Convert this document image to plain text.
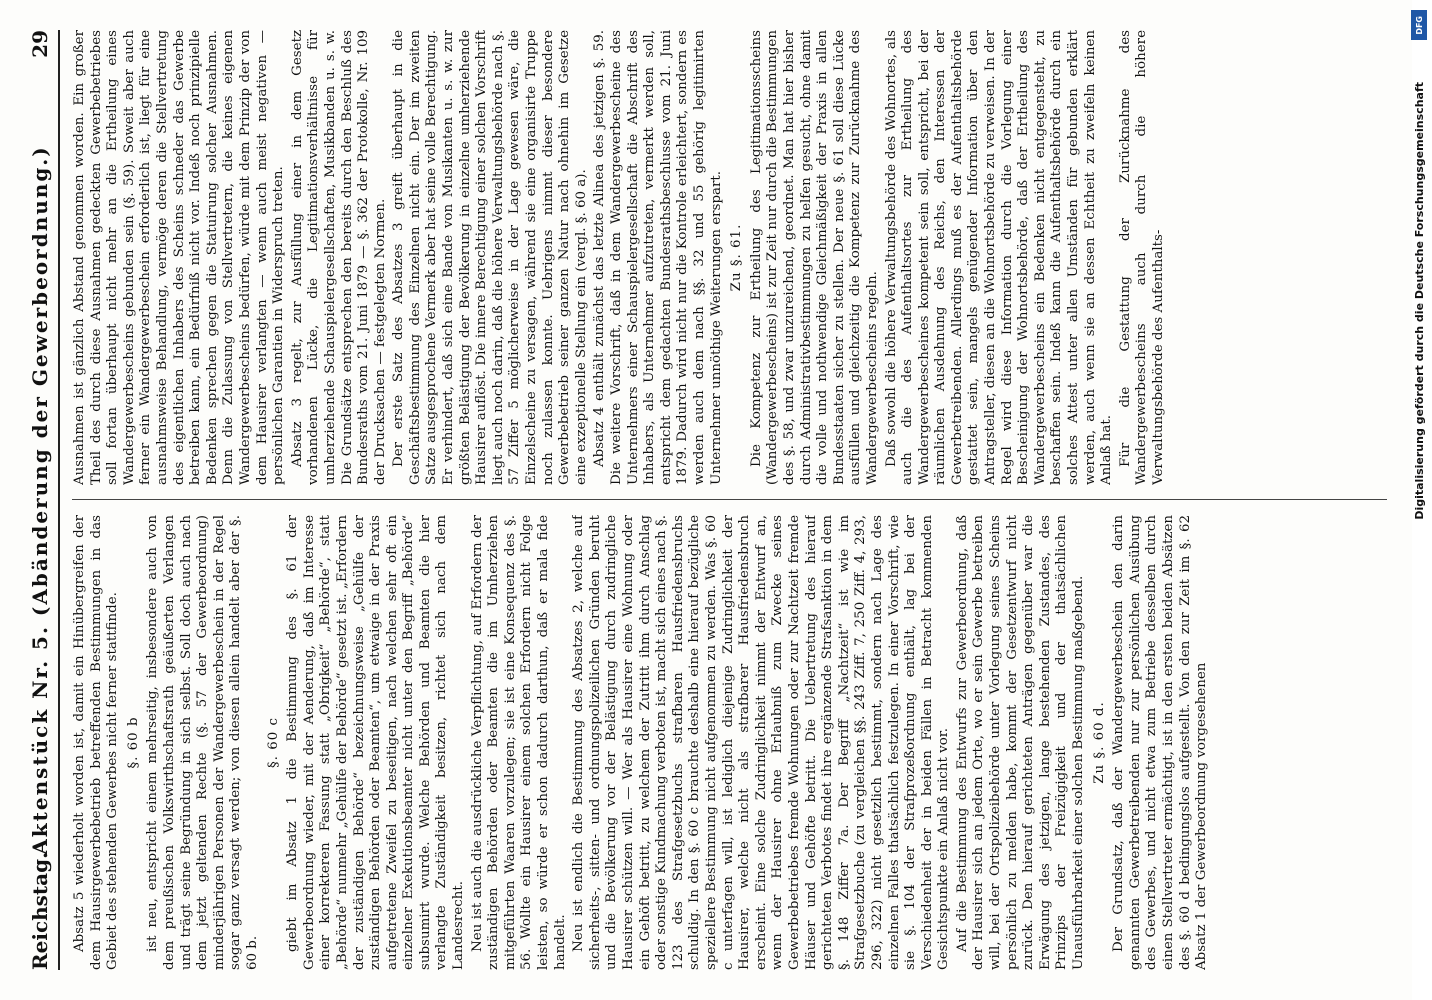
Reichstag.
Aktenstück Nr. 5. (Abänderung der Gewerbeordnung.)
29

Absatz 5 wiederholt worden ist, damit ein Hinübergreifen der dem Hausirgewerbebetrieb betreffenden Bestimmungen in das Gebiet des stehenden Gewerbes nicht ferner stattfinde. §. 60 b ist neu, entspricht einem mehrseitig, insbesondere auch von dem preußischen Volkswirthschaftsrath geäußerten Verlangen und trägt seine Begründung in sich selbst. Soll doch auch nach dem jetzt geltenden Rechte (§. 57 der Gewerbeordnung) minderjährigen Personen der Wandergewerbeschein in der Regel sogar ganz versagt werden; von diesen allein handelt aber der §. 60 b.

§. 60 c giebt im Absatz 1 die Bestimmung des §. 61 der Gewerbeordnung wieder, mit der Aenderung, daß im Interesse einer korrekteren Fassung statt „Obrigkeit“ „Behörde“, statt „Behörde“ nunmehr „Gehülfe der Behörde“ gesetzt ist. „Erfordern der zuständigen Behörde“ bezeichnungsweise „Gehülfe der zuständigen Behörden oder Beamten“, um etwaige in der Praxis aufgetretene Zweifel zu beseitigen, nach welchen sehr oft ein einzelner Exekutionsbeamter nicht unter den Begriff „Behörde“ subsumirt wurde. Welche Behörden und Beamten die hier verlangte Zuständigkeit besitzen, richtet sich nach dem Landesrecht. Neu ist auch die ausdrückliche Verpflichtung, auf Erfordern der zuständigen Behörden oder Beamten die im Umherziehen mitgeführten Waaren vorzulegen; sie ist eine Konsequenz des §. 56. Wollte ein Hausirer einem solchen Erfordern nicht Folge leisten, so würde er schon dadurch darthun, daß er mala fide handelt. Neu ist endlich die Bestimmung des Absatzes 2, welche auf sicherheits-, sitten- und ordnungspolizeilichen Gründen beruht und die Bevölkerung vor der Belästigung durch zudringliche Hausirer schützen will. — Wer als Hausirer eine Wohnung oder ein Gehöft betritt, zu welchem der Zutritt ihm durch Anschlag oder sonstige Kundmachung verboten ist, macht sich eines nach §. 123 des Strafgesetzbuchs strafbaren Hausfriedensbruchs schuldig. In den §. 60 c brauchte deshalb eine hierauf bezügliche speziellere Bestimmung nicht aufgenommen zu werden. Was §. 60 c unterfagen will, ist lediglich diejenige Zudringlichkeit der Hausirer, welche nicht als strafbarer Hausfriedensbruch erscheint. Eine solche Zudringlichkeit nimmt der Entwurf an, wenn der Hausirer ohne Erlaubniß zum Zwecke seines Gewerbebetriebes fremde Wohnungen oder zur Nachtzeit fremde Häuser und Gehöfte betritt. Die Uebertretung des hierauf gerichteten Verbotes findet ihre ergänzende Strafsanktion in dem §. 148 Ziffer 7a. Der Begriff „Nachtzeit“ ist wie im Strafgesetzbuche (zu vergleichen §§. 243 Ziff. 7, 250 Ziff. 4, 293, 296, 322) nicht gesetzlich bestimmt, sondern nach Lage des einzelnen Falles thatsächlich festzulegen. In einer Vorschrift, wie sie §. 104 der Strafprozeßordnung enthält, lag bei der Verschiedenheit der in beiden Fällen in Betracht kommenden Gesichtspunkte ein Anlaß nicht vor. Auf die Bestimmung des Entwurfs zur Gewerbeordnung, daß der Hausirer sich an jedem Orte, wo er sein Gewerbe betreiben will, bei der Ortspolizeibehörde unter Vorlegung seines Scheins persönlich zu melden habe, kommt der Gesetzentwurf nicht zurück. Den hierauf gerichteten Anträgen gegenüber war die Erwägung des jetzigen, lange bestehenden Zustandes, des Prinzips der Freizügigkeit und der thatsächlichen Unausführbarkeit einer solchen Bestimmung maßgebend. Zu §. 60 d. Der Grundsatz, daß der Wandergewerbeschein den darin genannten Gewerbetreibenden nur zur persönlichen Ausübung des Gewerbes, und nicht etwa zum Betriebe desselben durch einen Stellvertreter ermächtigt, ist in den ersten beiden Absätzen des §. 60 d bedingungslos aufgestellt. Von den zur Zeit im §. 62 Absatz 1 der Gewerbeordnung vorgesehenen

Ausnahmen ist gänzlich Abstand genommen worden. Ein großer Theil des durch diese Ausnahmen gedeckten Gewerbebetriebes soll fortan überhaupt nicht mehr an die Ertheilung eines Wandergewerbescheins gebunden sein (§. 59). Soweit aber auch ferner ein Wandergewerbeschein erforderlich ist, liegt für eine ausnahmsweise Behandlung, vermöge deren die Stellvertretung des eigentlichen Inhabers des Scheins schneder das Gewerbe betreiben kann, ein Bedürfniß nicht vor. Indeß noch prinzipielle Bedenken sprechen gegen die Statuirung solcher Ausnahmen. Denn die Zulassung von Stellvertretern, die keines eigenen Wandergewerbescheins bedürfen, würde mit dem Prinzip der von dem Hausirer verlangten — wenn auch meist negativen — persönlichen Garantien in Widerspruch treten. Absatz 3 regelt, zur Ausfüllung einer in dem Gesetz vorhandenen Lücke, die Legitimationsverhältnisse für umherziehende Schauspielergesellschaften, Musikbanden u. s. w. Die Grundsätze entsprechen den bereits durch den Beschluß des Bundesraths vom 21. Juni 1879 — §. 362 der Protokolle, Nr. 109 der Drucksachen — festgelegten Normen. Der erste Satz des Absatzes 3 greift überhaupt in die Geschäftsbestimmung des Einzelnen nicht ein. Der im zweiten Satze ausgesprochene Vermerk aber hat seine volle Berechtigung. Er verhindert, daß sich eine Bande von Musikanten u. s. w. zur größten Belästigung der Bevölkerung in einzelne umherziehende Hausirer auflöst. Die innere Berechtigung einer solchen Vorschrift liegt auch noch darin, daß die höhere Verwaltungsbehörde nach §. 57 Ziffer 5 möglicherweise in der Lage gewesen wäre, die Einzelscheine zu versagen, während sie eine organisirte Truppe noch zulassen konnte. Uebrigens nimmt dieser besondere Gewerbebetrieb seiner ganzen Natur nach ohnehin im Gesetze eine exzeptionelle Stellung ein (vergl. §. 60 a). Absatz 4 enthält zunächst das letzte Alinea des jetzigen §. 59. Die weitere Vorschrift, daß in dem Wandergewerbescheine des Unternehmers einer Schauspielergesellschaft die Abschrift des Inhabers, als Unternehmer aufzutreten, vermerkt werden soll, entspricht dem gedachten Bundesrathsbeschlusse vom 21. Juni 1879. Dadurch wird nicht nur die Kontrole erleichtert, sondern es werden auch dem nach §§. 32 und 55 gehörig legitimirten Unternehmer unnöthige Weiterungen erspart. Zu §. 61. Die Kompetenz zur Ertheilung des Legitimationsscheins (Wandergewerbescheins) ist zur Zeit nur durch die Bestimmungen des §. 58, und zwar unzureichend, geordnet. Man hat hier bisher durch Administrativbestimmungen zu helfen gesucht, ohne damit die volle und nothwendige Gleichmäßigkeit der Praxis in allen Bundesstaaten sicher zu stellen. Der neue §. 61 soll diese Lücke ausfüllen und gleichzeitig die Kompetenz zur Zurücknahme des Wandergewerbescheins regeln. Daß sowohl die höhere Verwaltungsbehörde des Wohnortes, als auch die des Aufenthaltsortes zur Ertheilung des Wandergewerbescheines kompetent sein soll, entspricht, bei der räumlichen Ausdehnung des Reichs, den Interessen der Gewerbetreibenden. Allerdings muß es der Aufenthaltsbehörde gestattet sein, mangels genügender Information über den Antragsteller, diesen an die Wohnortsbehörde zu verweisen. In der Regel wird diese Information durch die Vorlegung einer Bescheinigung der Wohnortsbehörde, daß der Ertheilung des Wandergewerbescheins ein Bedenken nicht entgegensteht, zu beschaffen sein. Indeß kann die Aufenthaltsbehörde durch ein solches Attest unter allen Umständen für gebunden erklärt werden, auch wenn sie an dessen Echtheit zu zweifeln keinen Anlaß hat. Für die Gestattung der Zurücknahme des Wandergewerbescheins auch durch die höhere Verwaltungsbehörde des Aufenthalts-	Digitalisierung gefördert durch die Deutsche Forschungsgemeinschaft
DFG
